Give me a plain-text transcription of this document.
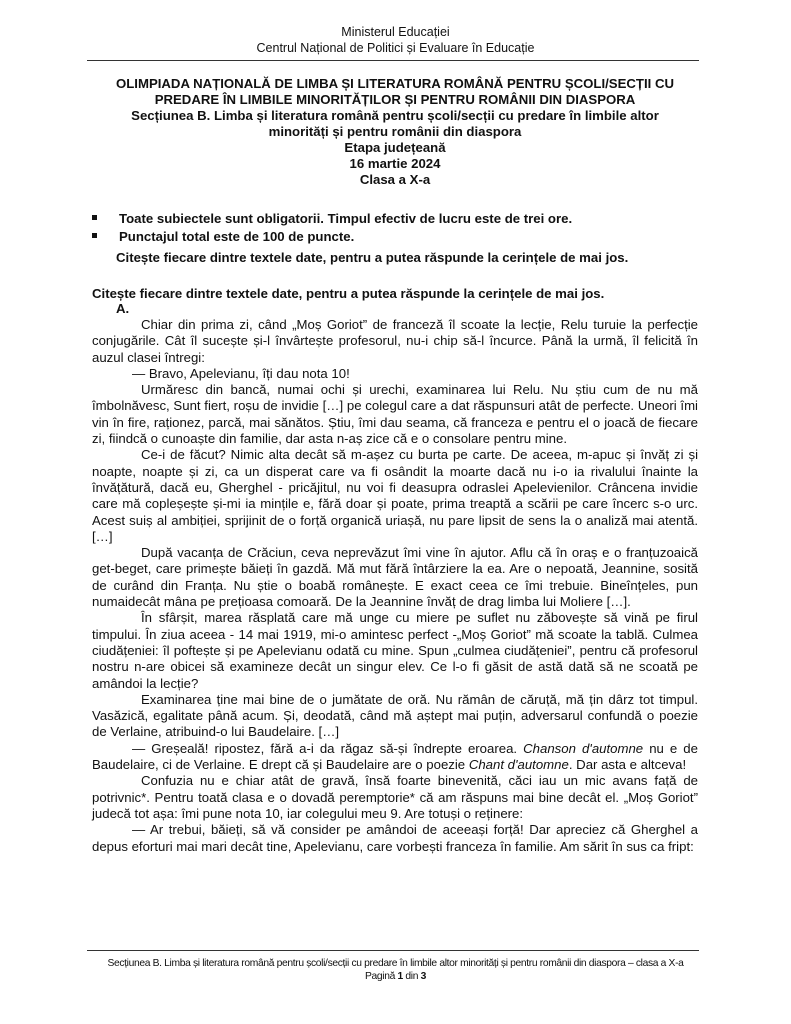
Ministerul Educației
Centrul Național de Politici și Evaluare în Educație
OLIMPIADA NAȚIONALĂ DE LIMBA ȘI LITERATURA ROMÂNĂ PENTRU ȘCOLI/SECȚII CU PREDARE ÎN LIMBILE MINORITĂȚILOR ȘI PENTRU ROMÂNII DIN DIASPORA
Secțiunea B. Limba și literatura română pentru școli/secții cu predare în limbile altor minorități și pentru românii din diaspora
Etapa județeană
16 martie 2024
Clasa a X-a
Toate subiectele sunt obligatorii. Timpul efectiv de lucru este de trei ore.
Punctajul total este de 100 de puncte.
Citește fiecare dintre textele date, pentru a putea răspunde la cerințele de mai jos.
Citește fiecare dintre textele date, pentru a putea răspunde la cerințele de mai jos.
A.

Chiar din prima zi, când „Moș Goriot” de franceză îl scoate la lecție, Relu turuie la perfecție conjugările. Cât îl sucește și-l învârtește profesorul, nu-i chip să-l încurce. Până la urmă, îl felicită în auzul clasei întregi:

― Bravo, Apelevianu, îți dau nota 10!

Urmăresc din bancă, numai ochi și urechi, examinarea lui Relu. Nu știu cum de nu mă îmbolnăvesc, Sunt fiert, roșu de invidie […] pe colegul care a dat răspunsuri atât de perfecte. Uneori îmi vin în fire, raționez, parcă, mai sănătos. Știu, îmi dau seama, că franceza e pentru el o joacă de fiecare zi, fiindcă o cunoaște din familie, dar asta n-aș zice că e o consolare pentru mine.

Ce-i de făcut? Nimic alta decât să m-așez cu burta pe carte. De aceea, m-apuc și învăț zi și noapte, noapte și zi, ca un disperat care va fi osândit la moarte dacă nu i-o ia rivalului înainte la învățătură, dacă eu, Gherghel - pricăjitul, nu voi fi deasupra odraslei Apelevienilor. Crâncena invidie care mă copleșește și-mi ia mințile e, fără doar și poate, prima treaptă a scării pe care încerc s-o urc. Acest suiș al ambiției, sprijinit de o forță organică uriașă, nu pare lipsit de sens la o analiză mai atentă. […]

După vacanța de Crăciun, ceva neprevăzut îmi vine în ajutor. Aflu că în oraș e o franțuzoaică get-beget, care primește băieți în gazdă. Mă mut fără întârziere la ea. Are o nepoată, Jeannine, sosită de curând din Franța. Nu știe o boabă românește. E exact ceea ce îmi trebuie. Bineînțeles, pun numaidecât mâna pe prețioasa comoară. De la Jeannine învăț de drag limba lui Moliere […].

În sfârșit, marea răsplată care mă unge cu miere pe suflet nu zăbovește să vină pe firul timpului. În ziua aceea - 14 mai 1919, mi-o amintesc perfect -„Moș Goriot” mă scoate la tablă. Culmea ciudățeniei: îl poftește și pe Apelevianu odată cu mine. Spun „culmea ciudățeniei”, pentru că profesorul nostru n-are obicei să examineze decât un singur elev. Ce l-o fi găsit de astă dată să ne scoată pe amândoi la lecție?

Examinarea ține mai bine de o jumătate de oră. Nu rămân de căruță, mă țin dârz tot timpul. Vasăzică, egalitate până acum. Și, deodată, când mă aștept mai puțin, adversarul confundă o poezie de Verlaine, atribuind-o lui Baudelaire. […]

― Greșeală! ripostez, fără a-i da răgaz să-și îndrepte eroarea. Chanson d'automne nu e de Baudelaire, ci de Verlaine. E drept că și Baudelaire are o poezie Chant d'automne. Dar asta e altceva!

Confuzia nu e chiar atât de gravă, însă foarte binevenită, căci iau un mic avans față de potrivnic*. Pentru toată clasa e o dovadă peremptorie* că am răspuns mai bine decât el. „Moș Goriot” judecă tot așa: îmi pune nota 10, iar colegului meu 9. Are totuși o reținere:

― Ar trebui, băieți, să vă consider pe amândoi de aceeași forță! Dar apreciez că Gherghel a depus eforturi mai mari decât tine, Apelevianu, care vorbești franceza în familie. Am sărit în sus ca fript:

Secțiunea B. Limba și literatura română pentru școli/secții cu predare în limbile altor minorități și pentru românii din diaspora – clasa a X-a
Pagină 1 din 3
